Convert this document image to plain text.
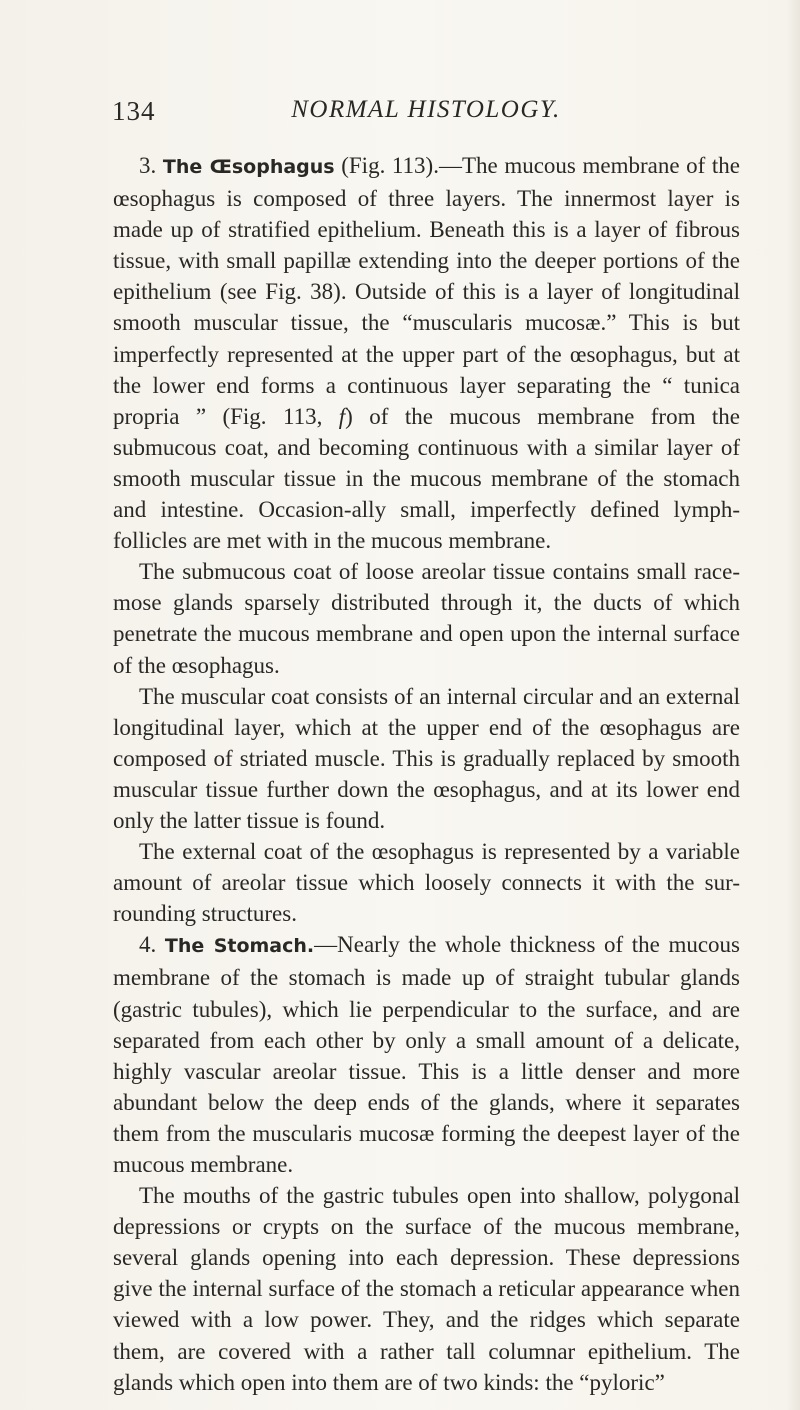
134	NORMAL HISTOLOGY.

3. The Œsophagus (Fig. 113).—The mucous membrane of the œsophagus is composed of three layers. The innermost layer is made up of stratified epithelium. Beneath this is a layer of fibrous tissue, with small papillæ extending into the deeper portions of the epithelium (see Fig. 38). Outside of this is a layer of longitudinal smooth muscular tissue, the “muscularis mucosæ.” This is but imperfectly represented at the upper part of the œsophagus, but at the lower end forms a continuous layer separating the “ tunica propria ” (Fig. 113, f) of the mucous membrane from the submucous coat, and becoming continuous with a similar layer of smooth muscular tissue in the mucous membrane of the stomach and intestine. Occasion-ally small, imperfectly defined lymph-follicles are met with in the mucous membrane.

The submucous coat of loose areolar tissue contains small race-mose glands sparsely distributed through it, the ducts of which penetrate the mucous membrane and open upon the internal surface of the œsophagus.

The muscular coat consists of an internal circular and an external longitudinal layer, which at the upper end of the œsophagus are composed of striated muscle. This is gradually replaced by smooth muscular tissue further down the œsophagus, and at its lower end only the latter tissue is found.

The external coat of the œsophagus is represented by a variable amount of areolar tissue which loosely connects it with the sur-rounding structures.

4. The Stomach.—Nearly the whole thickness of the mucous membrane of the stomach is made up of straight tubular glands (gastric tubules), which lie perpendicular to the surface, and are separated from each other by only a small amount of a delicate, highly vascular areolar tissue. This is a little denser and more abundant below the deep ends of the glands, where it separates them from the muscularis mucosæ forming the deepest layer of the mucous membrane.

The mouths of the gastric tubules open into shallow, polygonal depressions or crypts on the surface of the mucous membrane, several glands opening into each depression. These depressions give the internal surface of the stomach a reticular appearance when viewed with a low power. They, and the ridges which separate them, are covered with a rather tall columnar epithelium. The glands which open into them are of two kinds: the “pyloric”
